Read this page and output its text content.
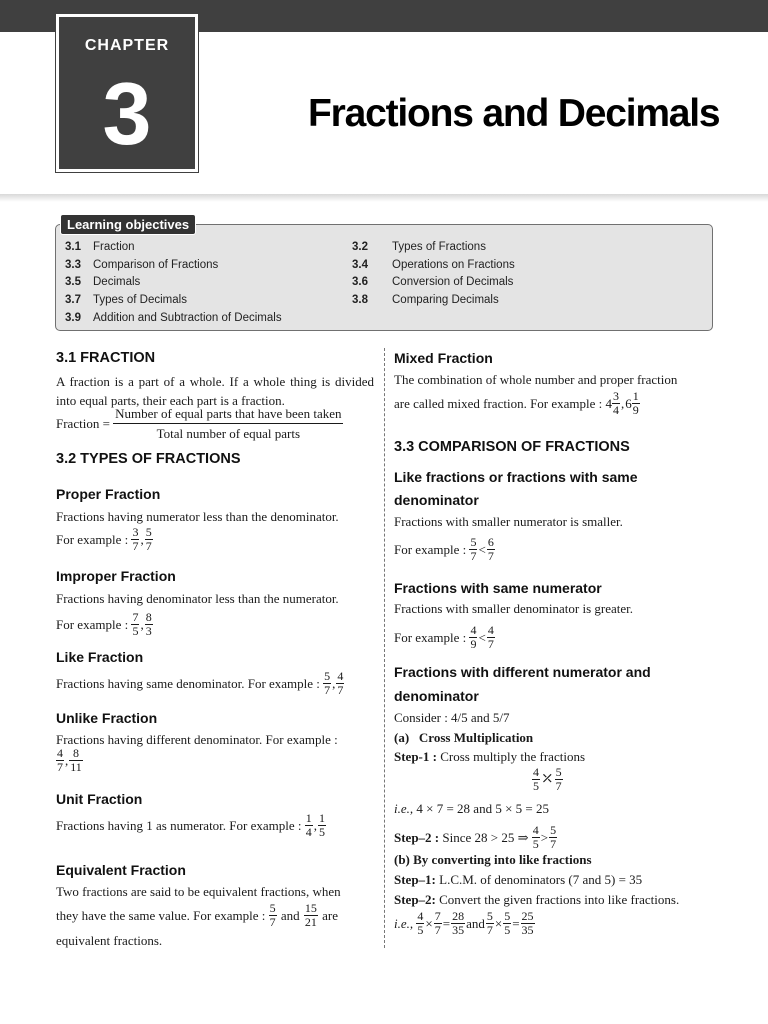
CHAPTER
3	Fractions and Decimals
Learning objectives
3.1 Fraction	3.2 Types of Fractions
3.3 Comparison of Fractions	3.4 Operations on Fractions
3.5 Decimals	3.6 Conversion of Decimals
3.7 Types of Decimals	3.8 Comparing Decimals
3.9 Addition and Subtraction of Decimals
3.1 FRACTION
A fraction is a part of a whole. If a whole thing is divided into equal parts, their each part is a fraction.
Fraction = $\frac{\text{Number of equal parts that have been taken}}{\text{Total number of equal parts}}$
3.2 TYPES OF FRACTIONS
Proper Fraction
Fractions having numerator less than the denominator.
For example : $\frac{3}{7}$ , $\frac{5}{7}$
Improper Fraction
Fractions having denominator less than the numerator.
For example : $\frac{7}{5}$ , $\frac{8}{3}$
Like Fraction
Fractions having same denominator. For example : $\frac{5}{7}$ , $\frac{4}{7}$
Unlike Fraction
Fractions having different denominator. For example :
$\frac{4}{7}$ , $\frac{8}{11}$
Unit Fraction
Fractions having 1 as numerator. For example : $\frac{1}{4}$ , $\frac{1}{5}$
Equivalent Fraction
Two fractions are said to be equivalent fractions, when
they have the same value. For example : $\frac{5}{7}$ and $\frac{15}{21}$ are
equivalent fractions.
Mixed Fraction
The combination of whole number and proper fraction
are called mixed fraction. For example : $4 \frac{3}{4} ,6 \frac{1}{9}$
3.3 COMPARISON OF FRACTIONS
Like fractions or fractions with same
denominator
Fractions with smaller numerator is smaller.
For example : $\frac{5}{7} < \frac{6}{7}$
Fractions with same numerator
Fractions with smaller denominator is greater.
For example : $\frac{4}{9} < \frac{4}{7}$
Fractions with different numerator and
denominator
Consider : 4/5 and 5/7
(a) Cross Multiplication
Step-1 : Cross multiply the fractions
$\frac{4}{5}$ ⤫ $\frac{5}{7}$
i.e., 4 × 7 = 28 and 5 × 5 = 25
Step–2 : Since 28 > 25 ⇒ $\frac{4}{5} > \frac{5}{7}$
(b) By converting into like fractions
Step–1: L.C.M. of denominators (7 and 5) = 35
Step–2: Convert the given fractions into like fractions.
i.e., $\frac{4}{5} \times \frac{7}{7} = \frac{28}{35}$ and $\frac{5}{7} \times \frac{5}{5} = \frac{25}{35}$
